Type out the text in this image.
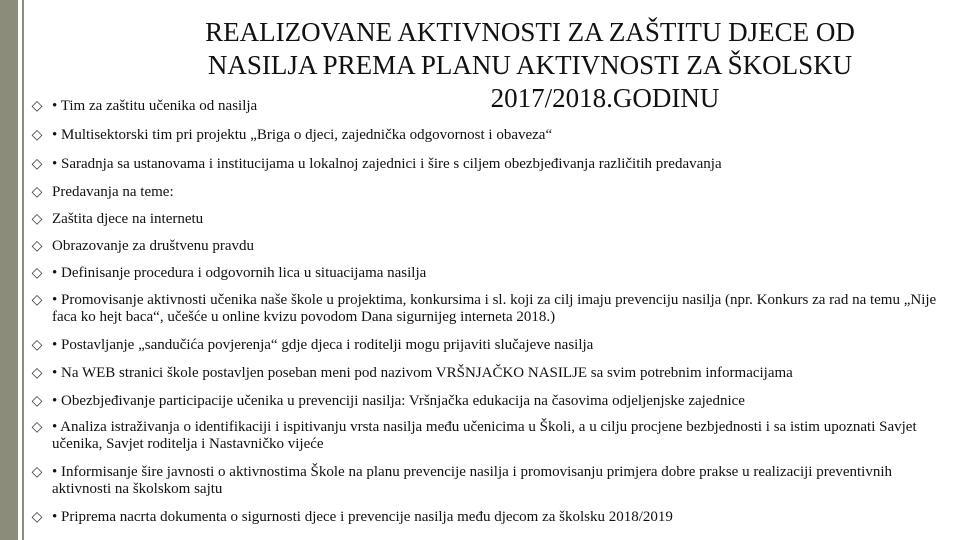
REALIZOVANE AKTIVNOSTI ZA ZAŠTITU DJECE OD
NASILJA PREMA PLANU AKTIVNOSTI ZA ŠKOLSKU
2017/2018.GODINU
◇ • Tim za zaštitu učenika od nasilja
◇ • Multisektorski tim pri projektu „Briga o djeci, zajednička odgovornost i obaveza“
◇ • Saradnja sa ustanovama i institucijama u lokalnoj zajednici i šire s ciljem obezbjeđivanja različitih predavanja
◇ Predavanja na teme:
◇ Zaštita djece na internetu
◇ Obrazovanje za društvenu pravdu
◇ • Definisanje procedura i odgovornih lica u situacijama nasilja
◇ • Promovisanje aktivnosti učenika naše škole u projektima, konkursima i sl. koji za cilj imaju prevenciju nasilja (npr. Konkurs za rad na temu „Nije faca ko hejt baca“, učešće u online kvizu povodom Dana sigurnijeg interneta 2018.)
◇ • Postavljanje „sandučića povjerenja“ gdje djeca i roditelji mogu prijaviti slučajeve nasilja
◇ • Na WEB stranici škole postavljen poseban meni pod nazivom VRŠNJAČKO NASILJE sa svim potrebnim informacijama
◇ • Obezbjeđivanje participacije učenika u prevenciji nasilja: Vršnjačka edukacija na časovima odjeljenjske zajednice
◇ • Analiza istraživanja o identifikaciji i ispitivanju vrsta nasilja među učenicima u Školi, a u cilju procjene bezbjednosti i sa istim upoznati Savjet učenika, Savjet roditelja i Nastavničko vijeće
◇ • Informisanje šire javnosti o aktivnostima Škole na planu prevencije nasilja i promovisanju primjera dobre prakse u realizaciji preventivnih aktivnosti na školskom sajtu
◇ • Priprema nacrta dokumenta o sigurnosti djece i prevencije nasilja među djecom za školsku 2018/2019
